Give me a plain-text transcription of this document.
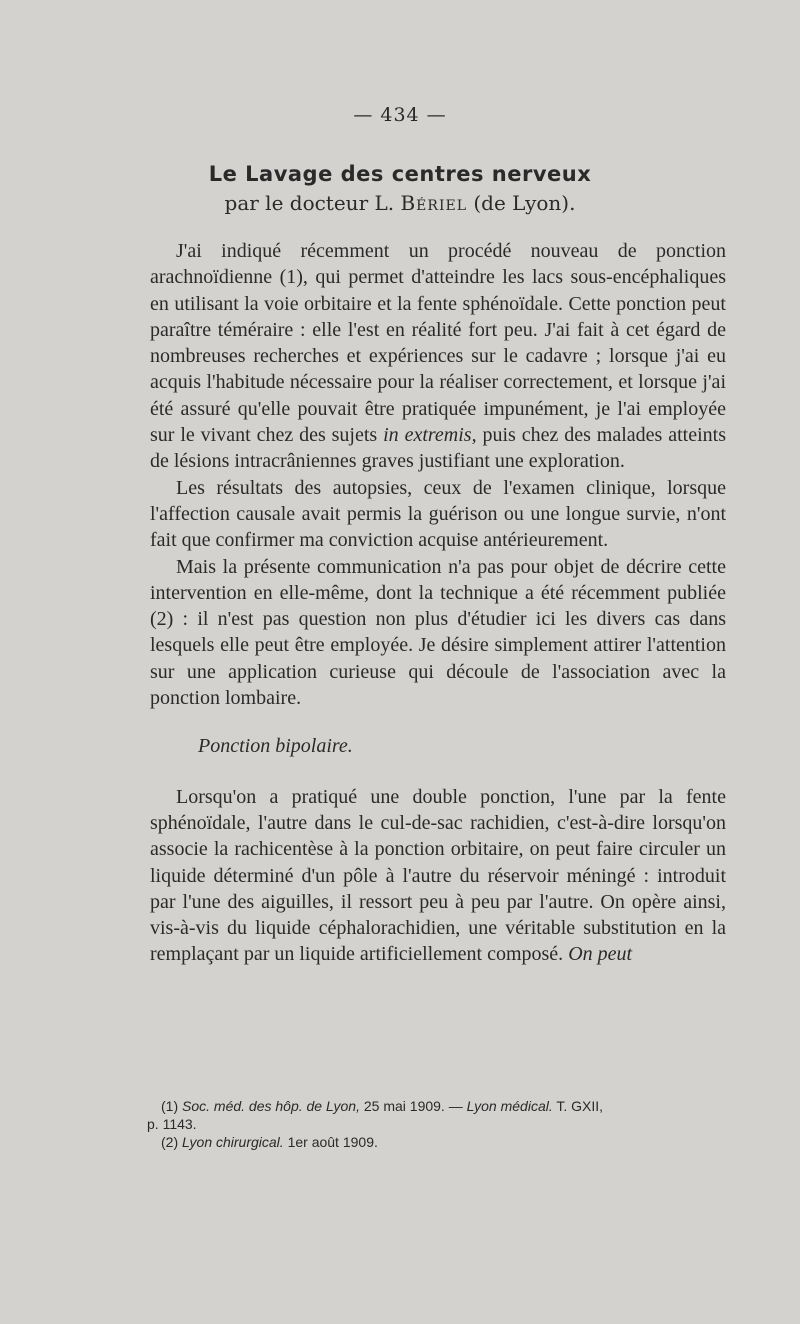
— 434 —
Le Lavage des centres nerveux
par le docteur L. Bériel (de Lyon).

J'ai indiqué récemment un procédé nouveau de ponction arachnoïdienne (1), qui permet d'atteindre les lacs sous-encéphaliques en utilisant la voie orbitaire et la fente sphénoïdale. Cette ponction peut paraître téméraire : elle l'est en réalité fort peu. J'ai fait à cet égard de nombreuses recherches et expériences sur le cadavre ; lorsque j'ai eu acquis l'habitude nécessaire pour la réaliser correctement, et lorsque j'ai été assuré qu'elle pouvait être pratiquée impunément, je l'ai employée sur le vivant chez des sujets in extremis, puis chez des malades atteints de lésions intracrâniennes graves justifiant une exploration.

Les résultats des autopsies, ceux de l'examen clinique, lorsque l'affection causale avait permis la guérison ou une longue survie, n'ont fait que confirmer ma conviction acquise antérieurement.

Mais la présente communication n'a pas pour objet de décrire cette intervention en elle-même, dont la technique a été récemment publiée (2) : il n'est pas question non plus d'étudier ici les divers cas dans lesquels elle peut être employée. Je désire simplement attirer l'attention sur une application curieuse qui découle de l'association avec la ponction lombaire.

Ponction bipolaire.

Lorsqu'on a pratiqué une double ponction, l'une par la fente sphénoïdale, l'autre dans le cul-de-sac rachidien, c'est-à-dire lorsqu'on associe la rachicentèse à la ponction orbitaire, on peut faire circuler un liquide déterminé d'un pôle à l'autre du réservoir méningé : introduit par l'une des aiguilles, il ressort peu à peu par l'autre. On opère ainsi, vis-à-vis du liquide céphalorachidien, une véritable substitution en la remplaçant par un liquide artificiellement composé. On peut

(1) Soc. méd. des hôp. de Lyon, 25 mai 1909. — Lyon médical. T. GXII,
p. 1143.
(2) Lyon chirurgical. 1er août 1909.
